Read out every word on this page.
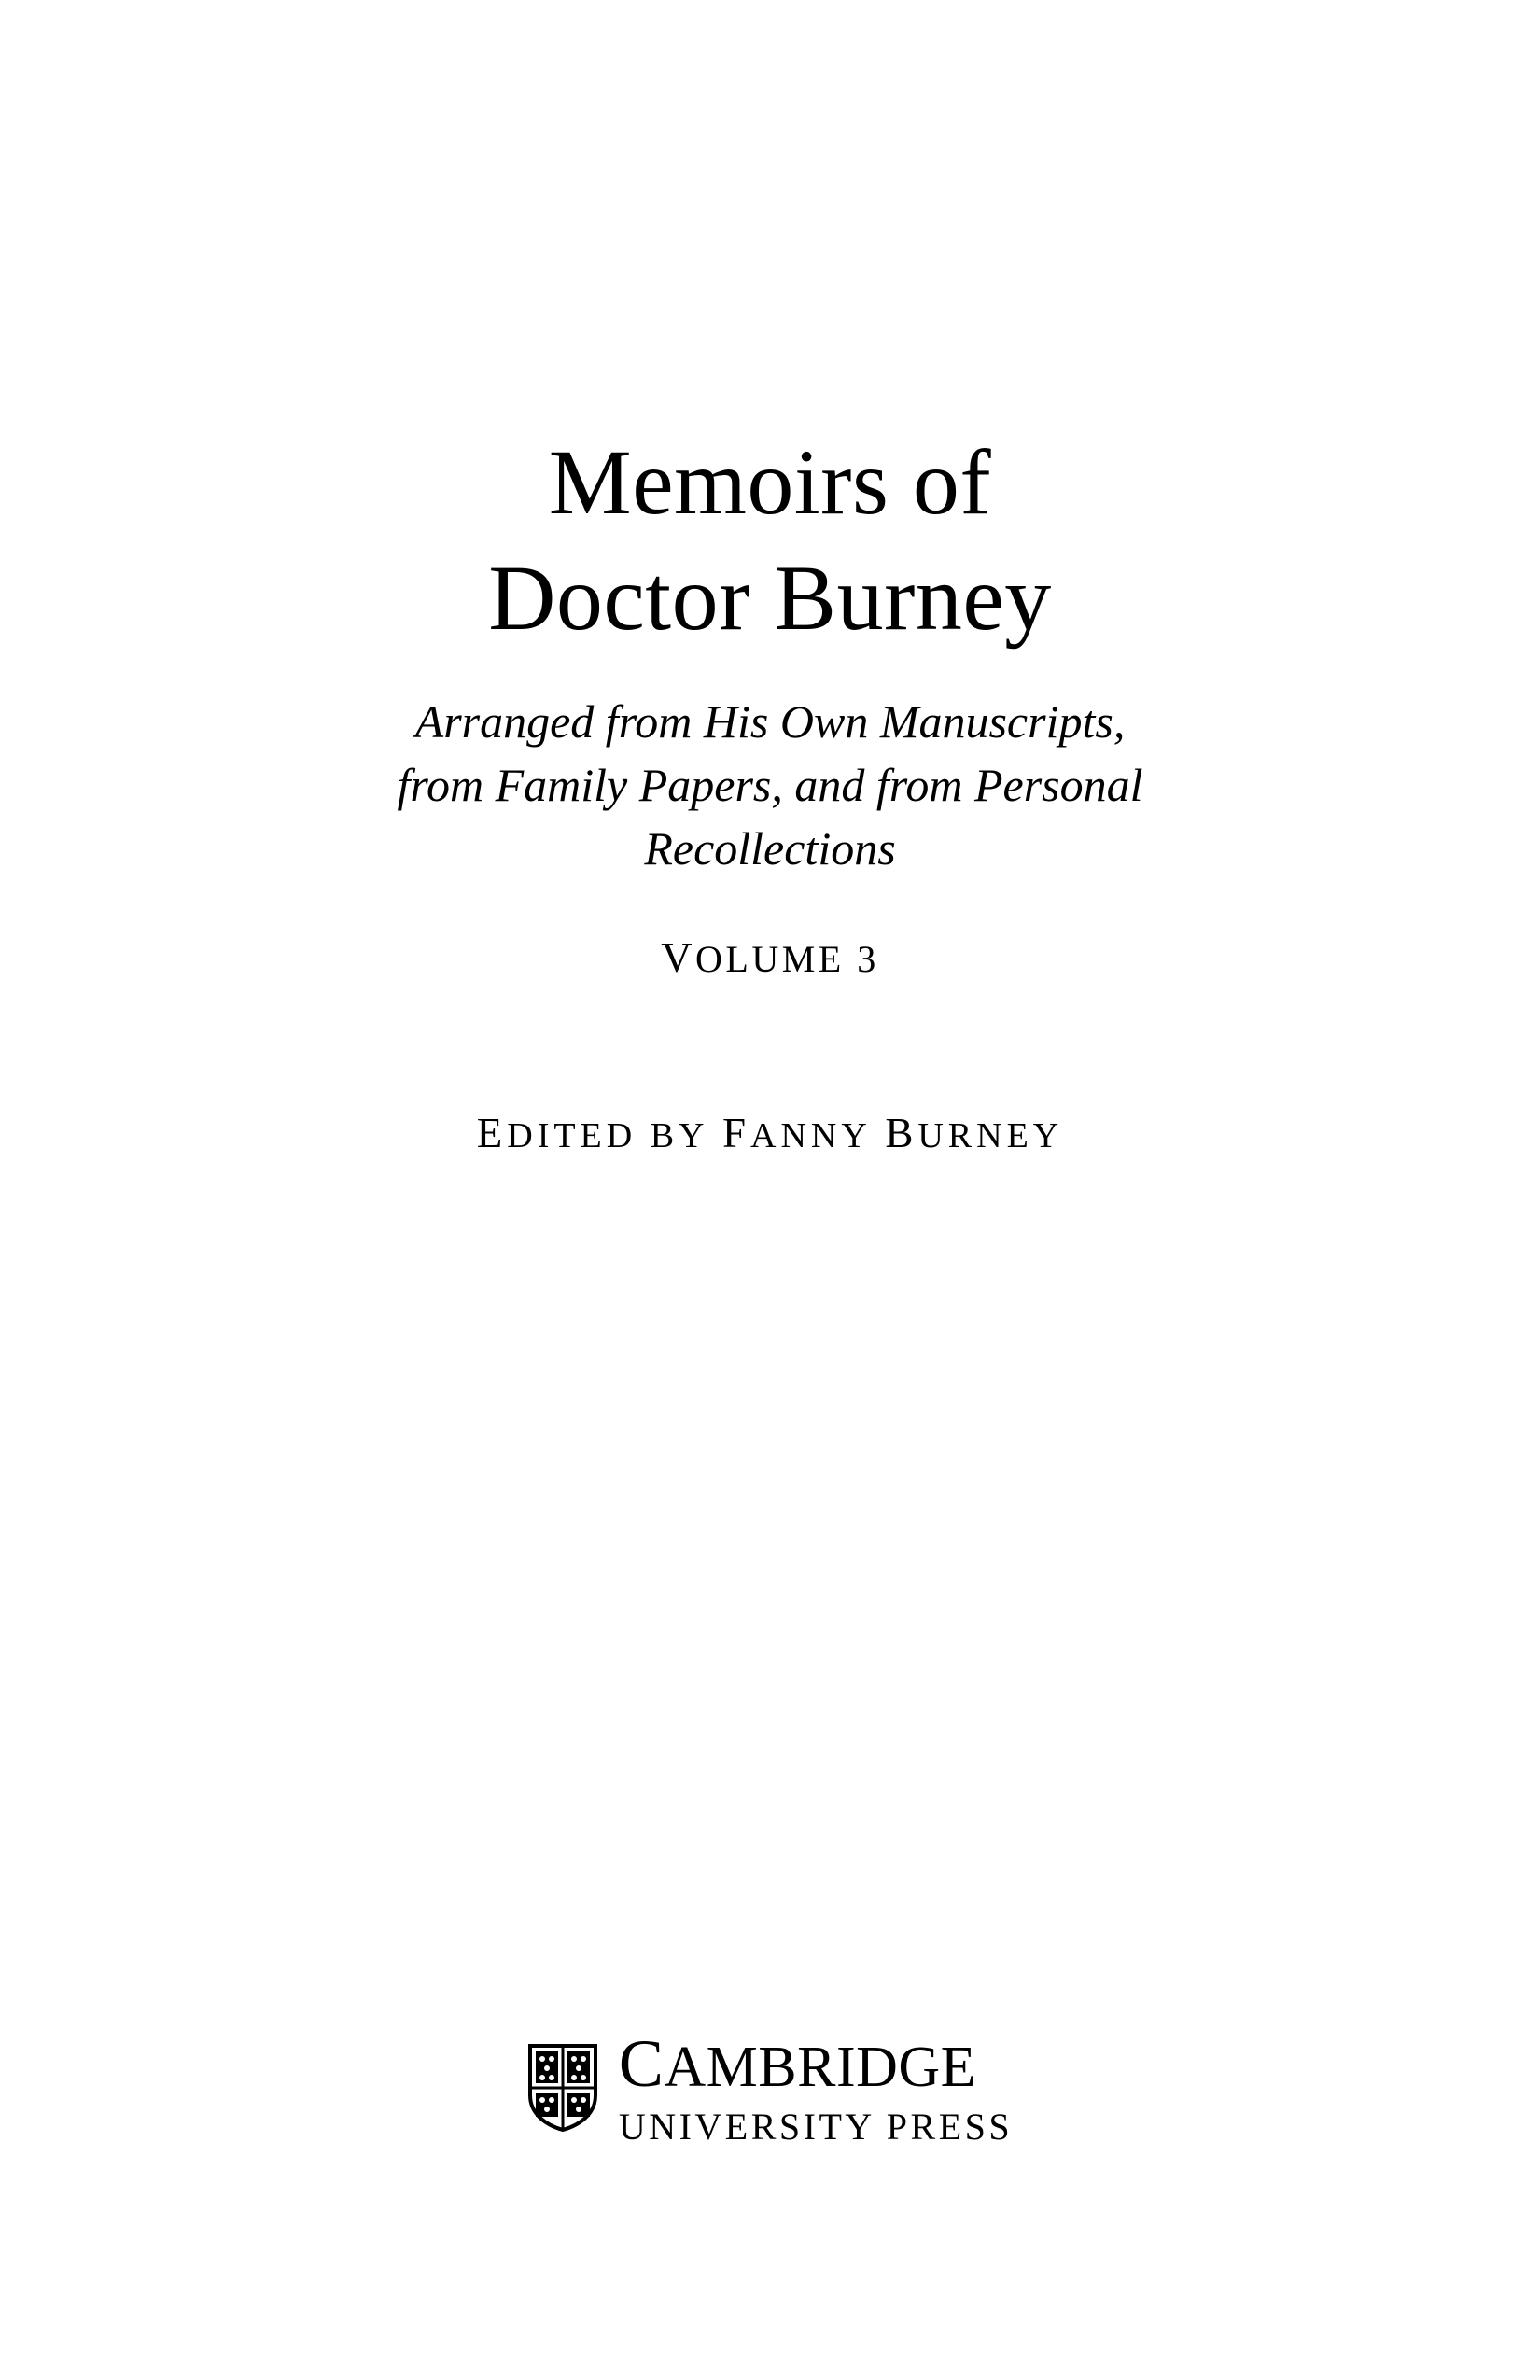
Memoirs of
Doctor Burney
Arranged from His Own Manuscripts,
from Family Papers, and from Personal
Recollections
VOLUME 3
EDITED BY FANNY BURNEY
CAMBRIDGE
UNIVERSITY PRESS
